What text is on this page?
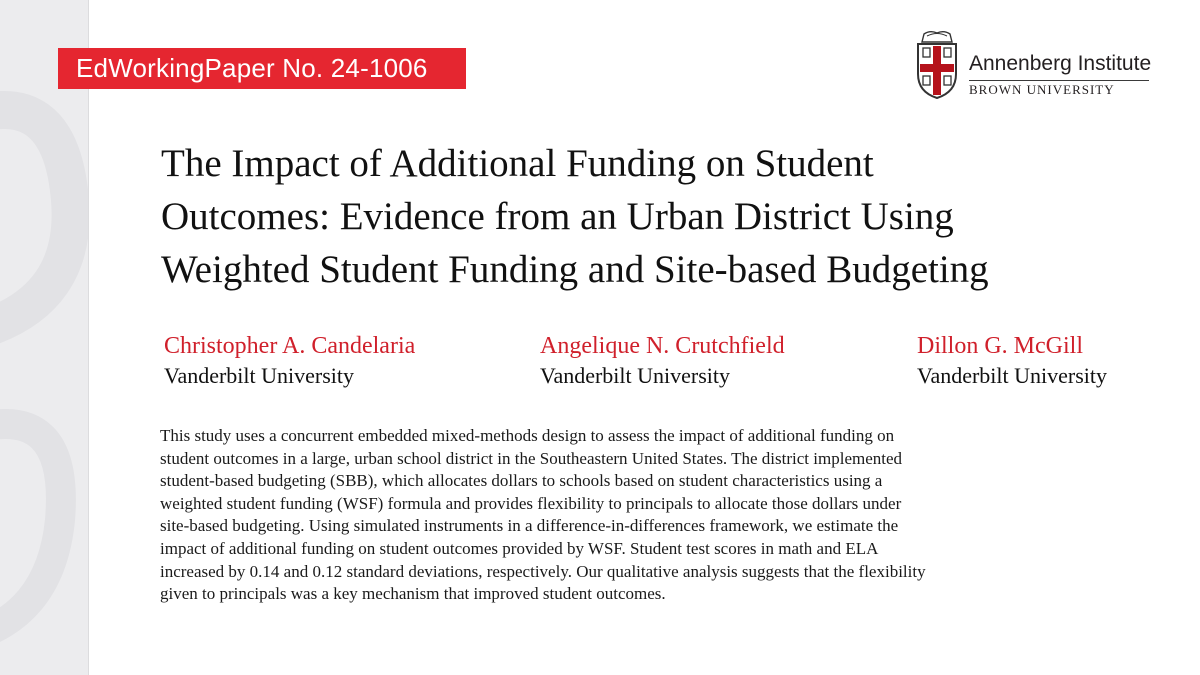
EdWorkingPaper No. 24-1006	Annenberg Institute
BROWN UNIVERSITY
The Impact of Additional Funding on Student
Outcomes: Evidence from an Urban District Using
Weighted Student Funding and Site-based Budgeting
Christopher A. Candelaria
Vanderbilt University
Angelique N. Crutchfield
Vanderbilt University
Dillon G. McGill
Vanderbilt University
This study uses a concurrent embedded mixed-methods design to assess the impact of additional funding on
student outcomes in a large, urban school district in the Southeastern United States. The district implemented
student-based budgeting (SBB), which allocates dollars to schools based on student characteristics using a
weighted student funding (WSF) formula and provides flexibility to principals to allocate those dollars under
site-based budgeting. Using simulated instruments in a difference-in-differences framework, we estimate the
impact of additional funding on student outcomes provided by WSF. Student test scores in math and ELA
increased by 0.14 and 0.12 standard deviations, respectively. Our qualitative analysis suggests that the flexibility
given to principals was a key mechanism that improved student outcomes.
